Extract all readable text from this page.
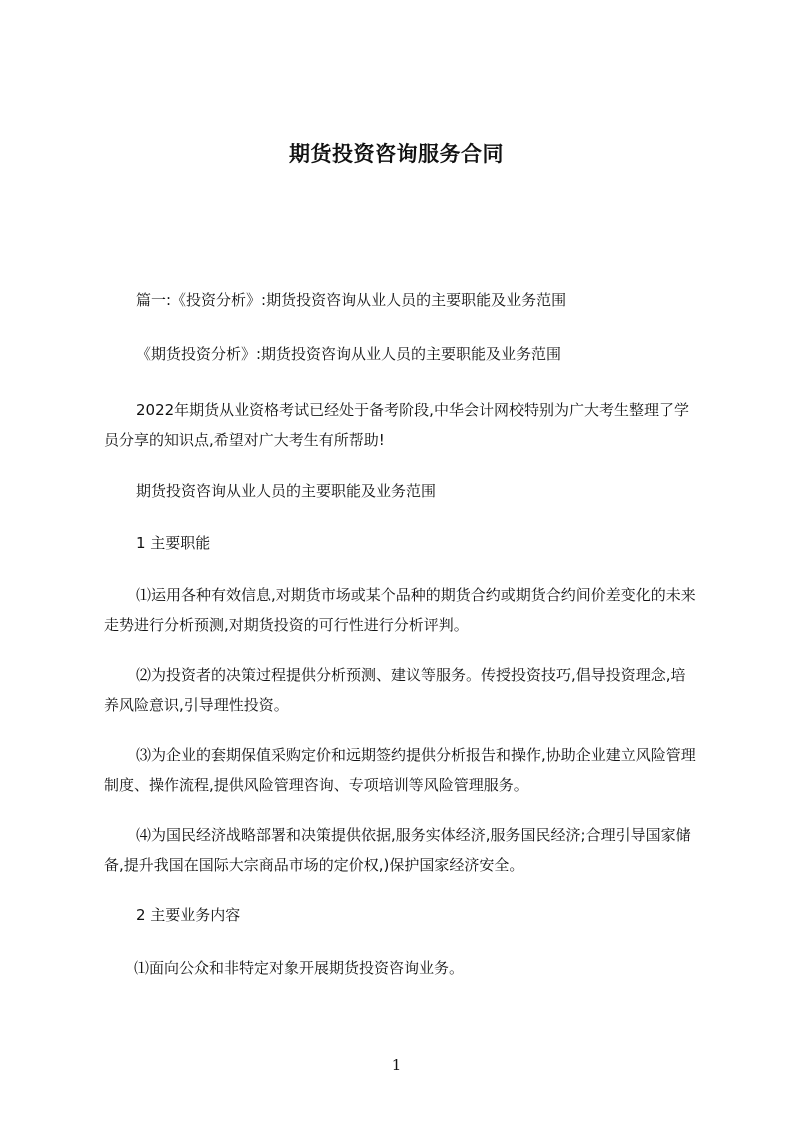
期货投资咨询服务合同

篇一:《投资分析》:期货投资咨询从业人员的主要职能及业务范围

《期货投资分析》:期货投资咨询从业人员的主要职能及业务范围

2022年期货从业资格考试已经处于备考阶段,中华会计网校特别为广大考生整理了学员分享的知识点,希望对广大考生有所帮助!

期货投资咨询从业人员的主要职能及业务范围

1 主要职能

⑴运用各种有效信息,对期货市场或某个品种的期货合约或期货合约间价差变化的未来走势进行分析预测,对期货投资的可行性进行分析评判。

⑵为投资者的决策过程提供分析预测、建议等服务。传授投资技巧,倡导投资理念,培养风险意识,引导理性投资。

⑶为企业的套期保值采购定价和远期签约提供分析报告和操作,协助企业建立风险管理制度、操作流程,提供风险管理咨询、专项培训等风险管理服务。

⑷为国民经济战略部署和决策提供依据,服务实体经济,服务国民经济;合理引导国家储备,提升我国在国际大宗商品市场的定价权,)保护国家经济安全。

2 主要业务内容

⑴面向公众和非特定对象开展期货投资咨询业务。

1
